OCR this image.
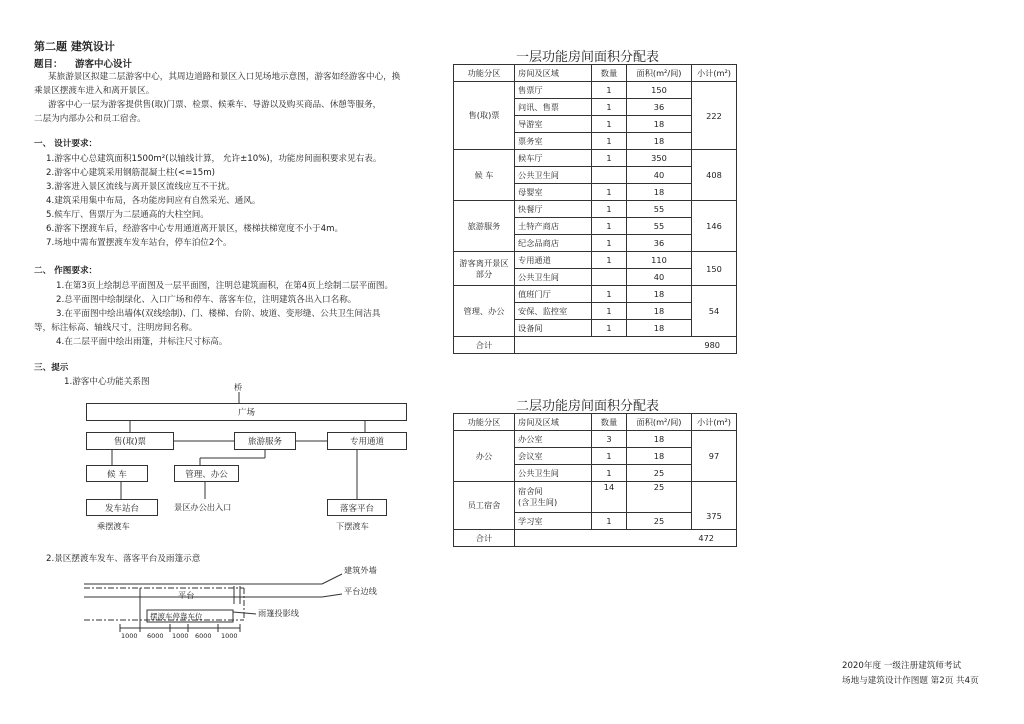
第二题 建筑设计
题目： 游客中心设计
某旅游景区拟建二层游客中心，其周边道路和景区入口见场地示意图，游客如经游客中心，换
乘景区摆渡车进入和离开景区。
游客中心一层为游客提供售(取)门票、检票、候乘车、导游以及购买商品、休憩等服务，
二层为内部办公和员工宿舍。
一、 设计要求：
1.游客中心总建筑面积1500m²(以轴线计算， 允许±10%)，功能房间面积要求见右表。
2.游客中心建筑采用钢筋混凝土柱(<=15m)
3.游客进入景区流线与离开景区流线应互不干扰。
4.建筑采用集中布局，各功能房间应有自然采光、通风。
5.候车厅、售票厅为二层通高的大柱空间。
6.游客下摆渡车后，经游客中心专用通道离开景区，楼梯扶梯宽度不小于4m。
7.场地中需布置摆渡车发车站台，停车泊位2个。
二、 作图要求：
1.在第3页上绘制总平面图及一层平面图，注明总建筑面积，在第4页上绘制二层平面图。
2.总平面图中绘制绿化、入口广场和停车、落客车位，注明建筑各出入口名称。
3.在平面图中绘出墙体(双线绘制)、门、楼梯、台阶、坡道、变形缝、公共卫生间洁具
等，标注标高、轴线尺寸，注明房间名称。
4.在二层平面中绘出雨篷，并标注尺寸标高。
三、提示
1.游客中心功能关系图	桥
广场
售(取)票	旅游服务	专用通道
候 车	管理、办公
发车站台	景区办公出入口	落客平台
乘摆渡车	下摆渡车
2.景区摆渡车发车、落客平台及雨篷示意
平台
摆渡车停靠车位	雨篷投影线
建筑外墙
平台边线
1000 6000 1000 6000 1000
一层功能房间面积分配表
功能分区	房间及区域	数量	面积(m²/间)	小计(m²)
售(取)票	售票厅	1	150	222
	问讯、售票	1	36	
	导游室	1	18	
	票务室	1	18	
候 车	候车厅	1	350	408
	公共卫生间		40	
	母婴室	1	18	
旅游服务	快餐厅	1	55	146
	土特产商店	1	55	
	纪念品商店	1	36	
游客离开景区部分	专用通道	1	110	150
	公共卫生间		40	
管理、办公	值班门厅	1	18	54
	安保、监控室	1	18	
	设备间	1	18	
合计	980			
二层功能房间面积分配表
功能分区	房间及区域	数量	面积(m²/间)	小计(m²)
办公	办公室	3	18	97
	会议室	1	18	
	公共卫生间	1	25	
员工宿舍	宿舍间
(含卫生间)	14	25	375
	学习室	1	25	
合计	472			
2020年度 一级注册建筑师考试
场地与建筑设计作图题 第2页 共4页
